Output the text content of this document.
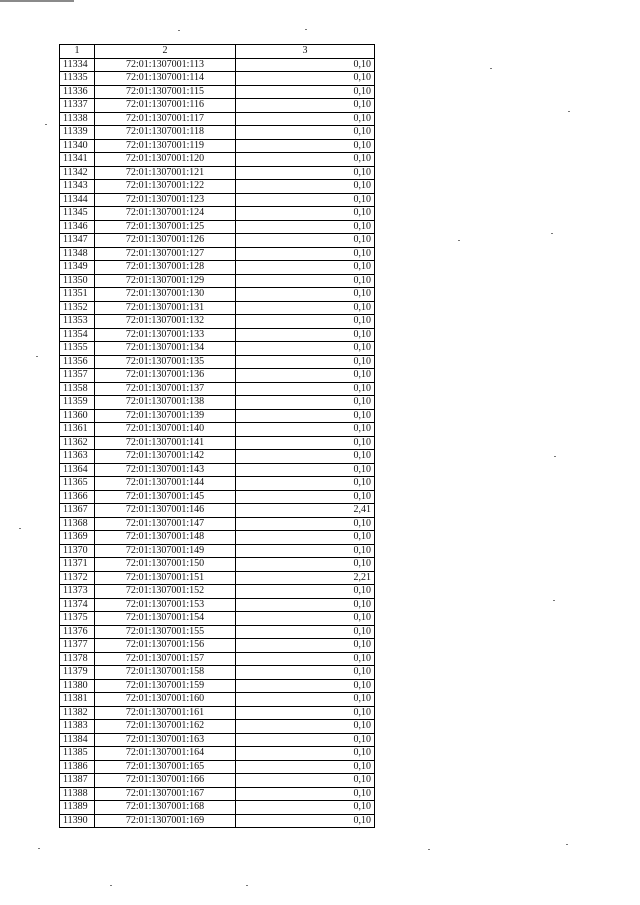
1	2	3
11334	72:01:1307001:113	0,10
11335	72:01:1307001:114	0,10
11336	72:01:1307001:115	0,10
11337	72:01:1307001:116	0,10
11338	72:01:1307001:117	0,10
11339	72:01:1307001:118	0,10
11340	72:01:1307001:119	0,10
11341	72:01:1307001:120	0,10
11342	72:01:1307001:121	0,10
11343	72:01:1307001:122	0,10
11344	72:01:1307001:123	0,10
11345	72:01:1307001:124	0,10
11346	72:01:1307001:125	0,10
11347	72:01:1307001:126	0,10
11348	72:01:1307001:127	0,10
11349	72:01:1307001:128	0,10
11350	72:01:1307001:129	0,10
11351	72:01:1307001:130	0,10
11352	72:01:1307001:131	0,10
11353	72:01:1307001:132	0,10
11354	72:01:1307001:133	0,10
11355	72:01:1307001:134	0,10
11356	72:01:1307001:135	0,10
11357	72:01:1307001:136	0,10
11358	72:01:1307001:137	0,10
11359	72:01:1307001:138	0,10
11360	72:01:1307001:139	0,10
11361	72:01:1307001:140	0,10
11362	72:01:1307001:141	0,10
11363	72:01:1307001:142	0,10
11364	72:01:1307001:143	0,10
11365	72:01:1307001:144	0,10
11366	72:01:1307001:145	0,10
11367	72:01:1307001:146	2,41
11368	72:01:1307001:147	0,10
11369	72:01:1307001:148	0,10
11370	72:01:1307001:149	0,10
11371	72:01:1307001:150	0,10
11372	72:01:1307001:151	2,21
11373	72:01:1307001:152	0,10
11374	72:01:1307001:153	0,10
11375	72:01:1307001:154	0,10
11376	72:01:1307001:155	0,10
11377	72:01:1307001:156	0,10
11378	72:01:1307001:157	0,10
11379	72:01:1307001:158	0,10
11380	72:01:1307001:159	0,10
11381	72:01:1307001:160	0,10
11382	72:01:1307001:161	0,10
11383	72:01:1307001:162	0,10
11384	72:01:1307001:163	0,10
11385	72:01:1307001:164	0,10
11386	72:01:1307001:165	0,10
11387	72:01:1307001:166	0,10
11388	72:01:1307001:167	0,10
11389	72:01:1307001:168	0,10
11390	72:01:1307001:169	0,10
